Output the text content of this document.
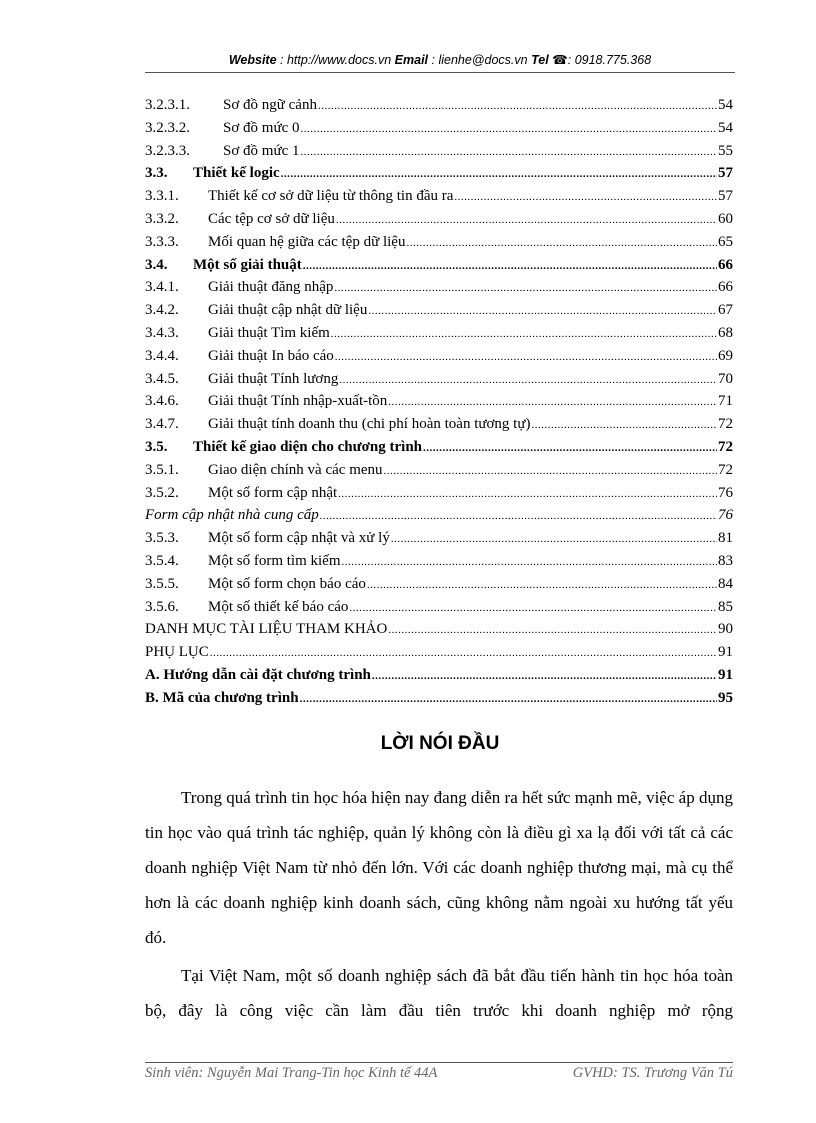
Website : http://www.docs.vn Email : lienhe@docs.vn Tel ☎: 0918.775.368
3.2.3.1.	Sơ đồ ngữ cảnh .....	54
3.2.3.2.	Sơ đồ mức 0 .....	54
3.2.3.3.	Sơ đồ mức 1 .....	55
3.3.	Thiết kế logic .....	57
3.3.1.	Thiết kế cơ sở dữ liệu từ thông tin đầu ra .....	57
3.3.2.	Các tệp cơ sở dữ liệu .....	60
3.3.3.	Mối quan hệ giữa các tệp dữ liệu .....	65
3.4.	Một số giải thuật .....	66
3.4.1.	Giải thuật đăng nhập .....	66
3.4.2.	Giải thuật cập nhật dữ liệu .....	67
3.4.3.	Giải thuật Tìm kiếm .....	68
3.4.4.	Giải thuật In báo cáo .....	69
3.4.5.	Giải thuật Tính lương .....	70
3.4.6.	Giải thuật Tính nhập-xuất-tồn .....	71
3.4.7.	Giải thuật tính doanh thu (chi phí hoàn toàn tương tự) .....	72
3.5.	Thiết kế giao diện cho chương trình .....	72
3.5.1.	Giao diện chính và các menu .....	72
3.5.2.	Một số form cập nhật .....	76
Form cập nhật nhà cung cấp .....	76
3.5.3.	Một số form cập nhật và xử lý .....	81
3.5.4.	Một số form tìm kiếm .....	83
3.5.5.	Một số form chọn báo cáo .....	84
3.5.6.	Một số thiết kế báo cáo .....	85
DANH MỤC TÀI LIỆU THAM KHẢO .....	90
PHỤ LỤC .....	91
A. Hướng dẫn cài đặt chương trình .....	91
B. Mã của chương trình .....	95
LỜI NÓI ĐẦU
Trong quá trình tin học hóa hiện nay đang diễn ra hết sức mạnh mẽ, việc áp dụng tin học vào quá trình tác nghiệp, quản lý không còn là điều gì xa lạ đối với tất cả các doanh nghiệp Việt Nam từ nhỏ đến lớn. Với các doanh nghiệp thương mại, mà cụ thể hơn là các doanh nghiệp kinh doanh sách, cũng không nằm ngoài xu hướng tất yếu đó.
Tại Việt Nam, một số doanh nghiệp sách đã bắt đầu tiến hành tin học hóa toàn bộ, đây là công việc cần làm đầu tiên trước khi doanh nghiệp mở rộng
Sinh viên: Nguyễn Mai Trang-Tin học Kinh tế 44A	GVHD: TS. Trương Văn Tú
